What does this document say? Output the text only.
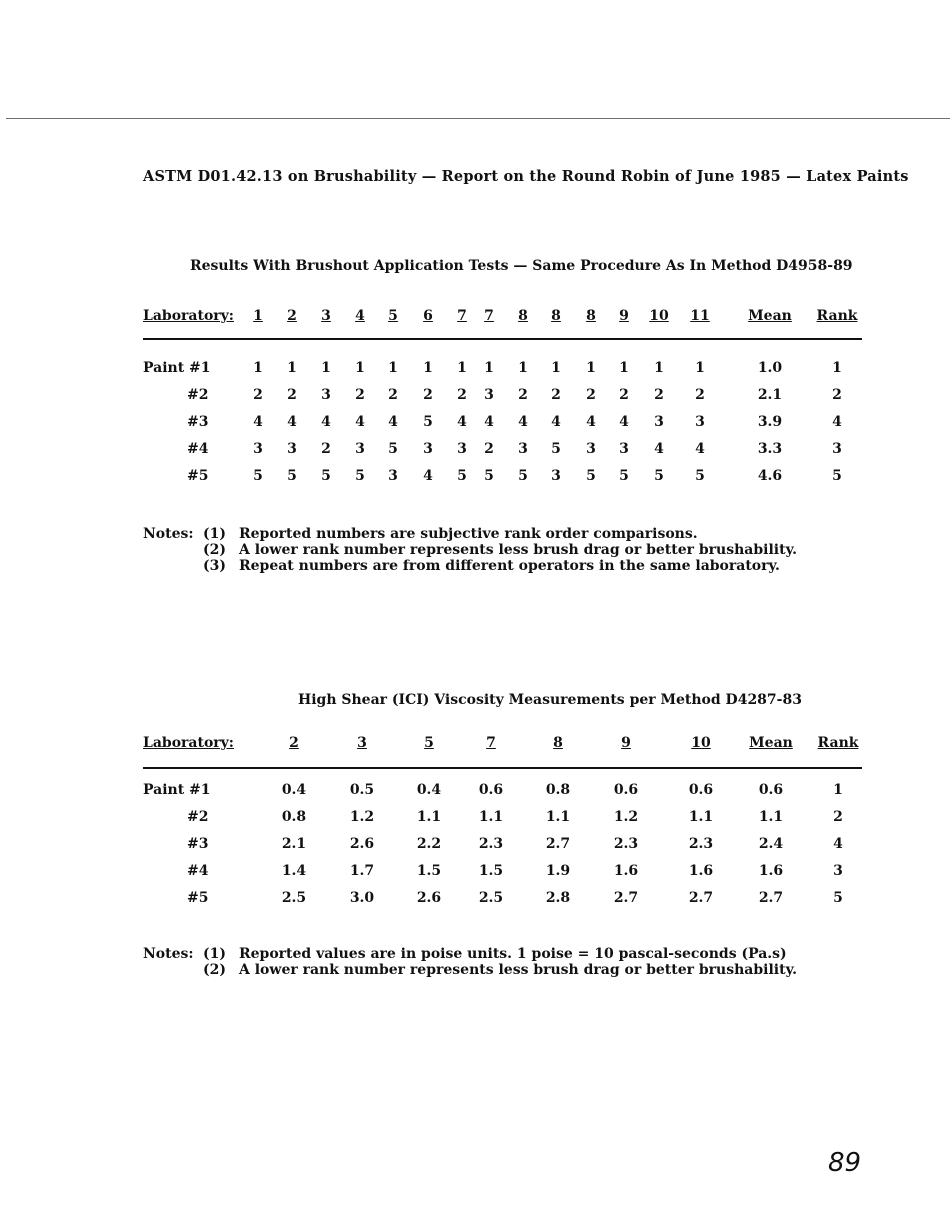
ASTM D01.42.13 on Brushability — Report on the Round Robin of June 1985 — Latex Paints
Results With Brushout Application Tests — Same Procedure As In Method D4958-89
Laboratory: 1 2 3 4 5 6 7 7 8 8 8 9 10 11	Mean Rank
Paint #1	1 1 1 1 1 1 1 1 1 1 1 1 1 1	1.0	1
#2	2 2 3 2 2 2 2 3 2 2 2 2 2 2	2.1	2
#3	4 4 4 4 4 5 4 4 4 4 4 4 3 3	3.9	4
#4	3 3 2 3 5 3 3 2 3 5 3 3 4 4	3.3	3
#5	5 5 5 5 3 4 5 5 5 3 5 5 5 5	4.6	5
Notes: (1) Reported numbers are subjective rank order comparisons.
(2) A lower rank number represents less brush drag or better brushability.
(3) Repeat numbers are from different operators in the same laboratory.
High Shear (ICI) Viscosity Measurements per Method D4287-83
Laboratory:	2	3	5	7	8	9	10	Mean Rank
Paint #1	0.4	0.5	0.4	0.6	0.8	0.6	0.6	0.6	1
#2	0.8	1.2	1.1	1.1	1.1	1.2	1.1	1.1	2
#3	2.1	2.6	2.2	2.3	2.7	2.3	2.3	2.4	4
#4	1.4	1.7	1.5	1.5	1.9	1.6	1.6	1.6	3
#5	2.5	3.0	2.6	2.5	2.8	2.7	2.7	2.7	5
Notes: (1) Reported values are in poise units. 1 poise = 10 pascal-seconds (Pa.s)
(2) A lower rank number represents less brush drag or better brushability.
89
